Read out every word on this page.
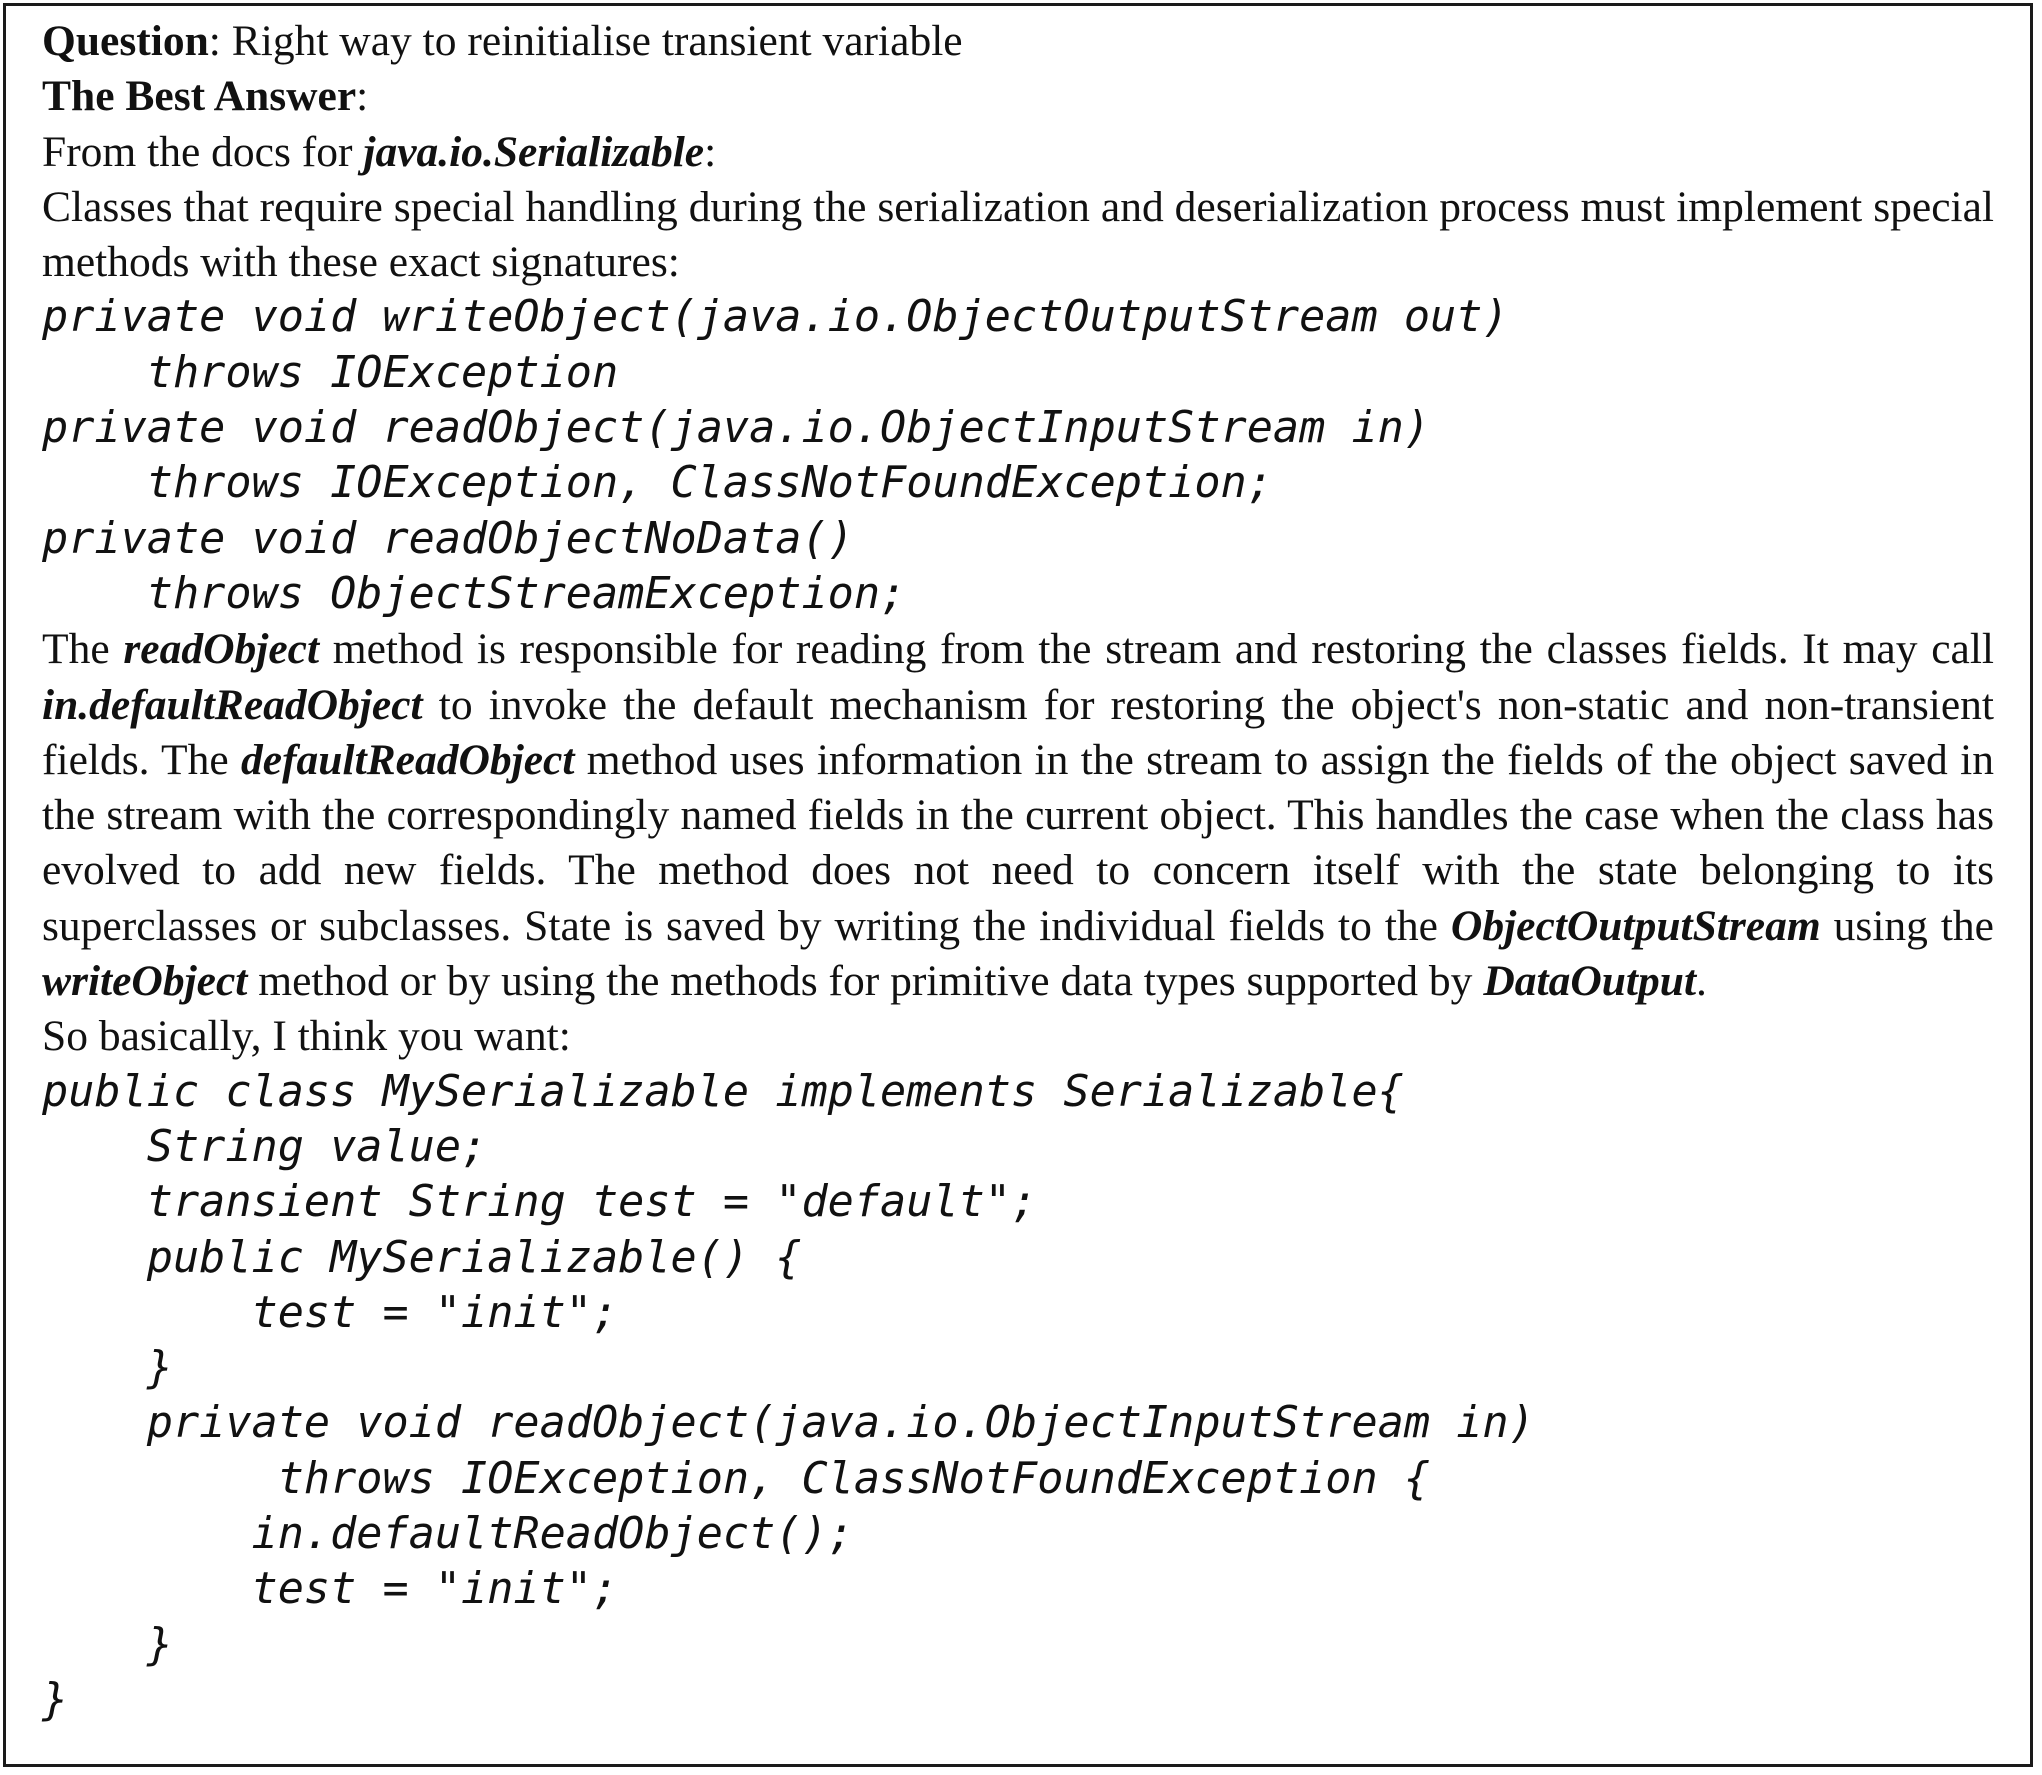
Question: Right way to reinitialise transient variable
The Best Answer:
From the docs for java.io.Serializable:

Classes that require special handling during the serialization and deserialization process must implement special methods with these exact signatures:

private void writeObject(java.io.ObjectOutputStream out)
throws IOException
private void readObject(java.io.ObjectInputStream in)
throws IOException, ClassNotFoundException;
private void readObjectNoData()
throws ObjectStreamException;

The readObject method is responsible for reading from the stream and restoring the classes fields. It may call in.defaultReadObject to invoke the default mechanism for restoring the object's non-static and non-transient fields. The defaultReadObject method uses information in the stream to assign the fields of the object saved in the stream with the correspondingly named fields in the current object. This handles the case when the class has evolved to add new fields. The method does not need to concern itself with the state belonging to its superclasses or subclasses. State is saved by writing the individual fields to the ObjectOutputStream using the writeObject method or by using the methods for primitive data types supported by DataOutput.

So basically, I think you want:
public class MySerializable implements Serializable{
String value;
transient String test = "default";
public MySerializable() {
test = "init";
}
private void readObject(java.io.ObjectInputStream in)
throws IOException, ClassNotFoundException {
in.defaultReadObject();
test = "init";
}
}
